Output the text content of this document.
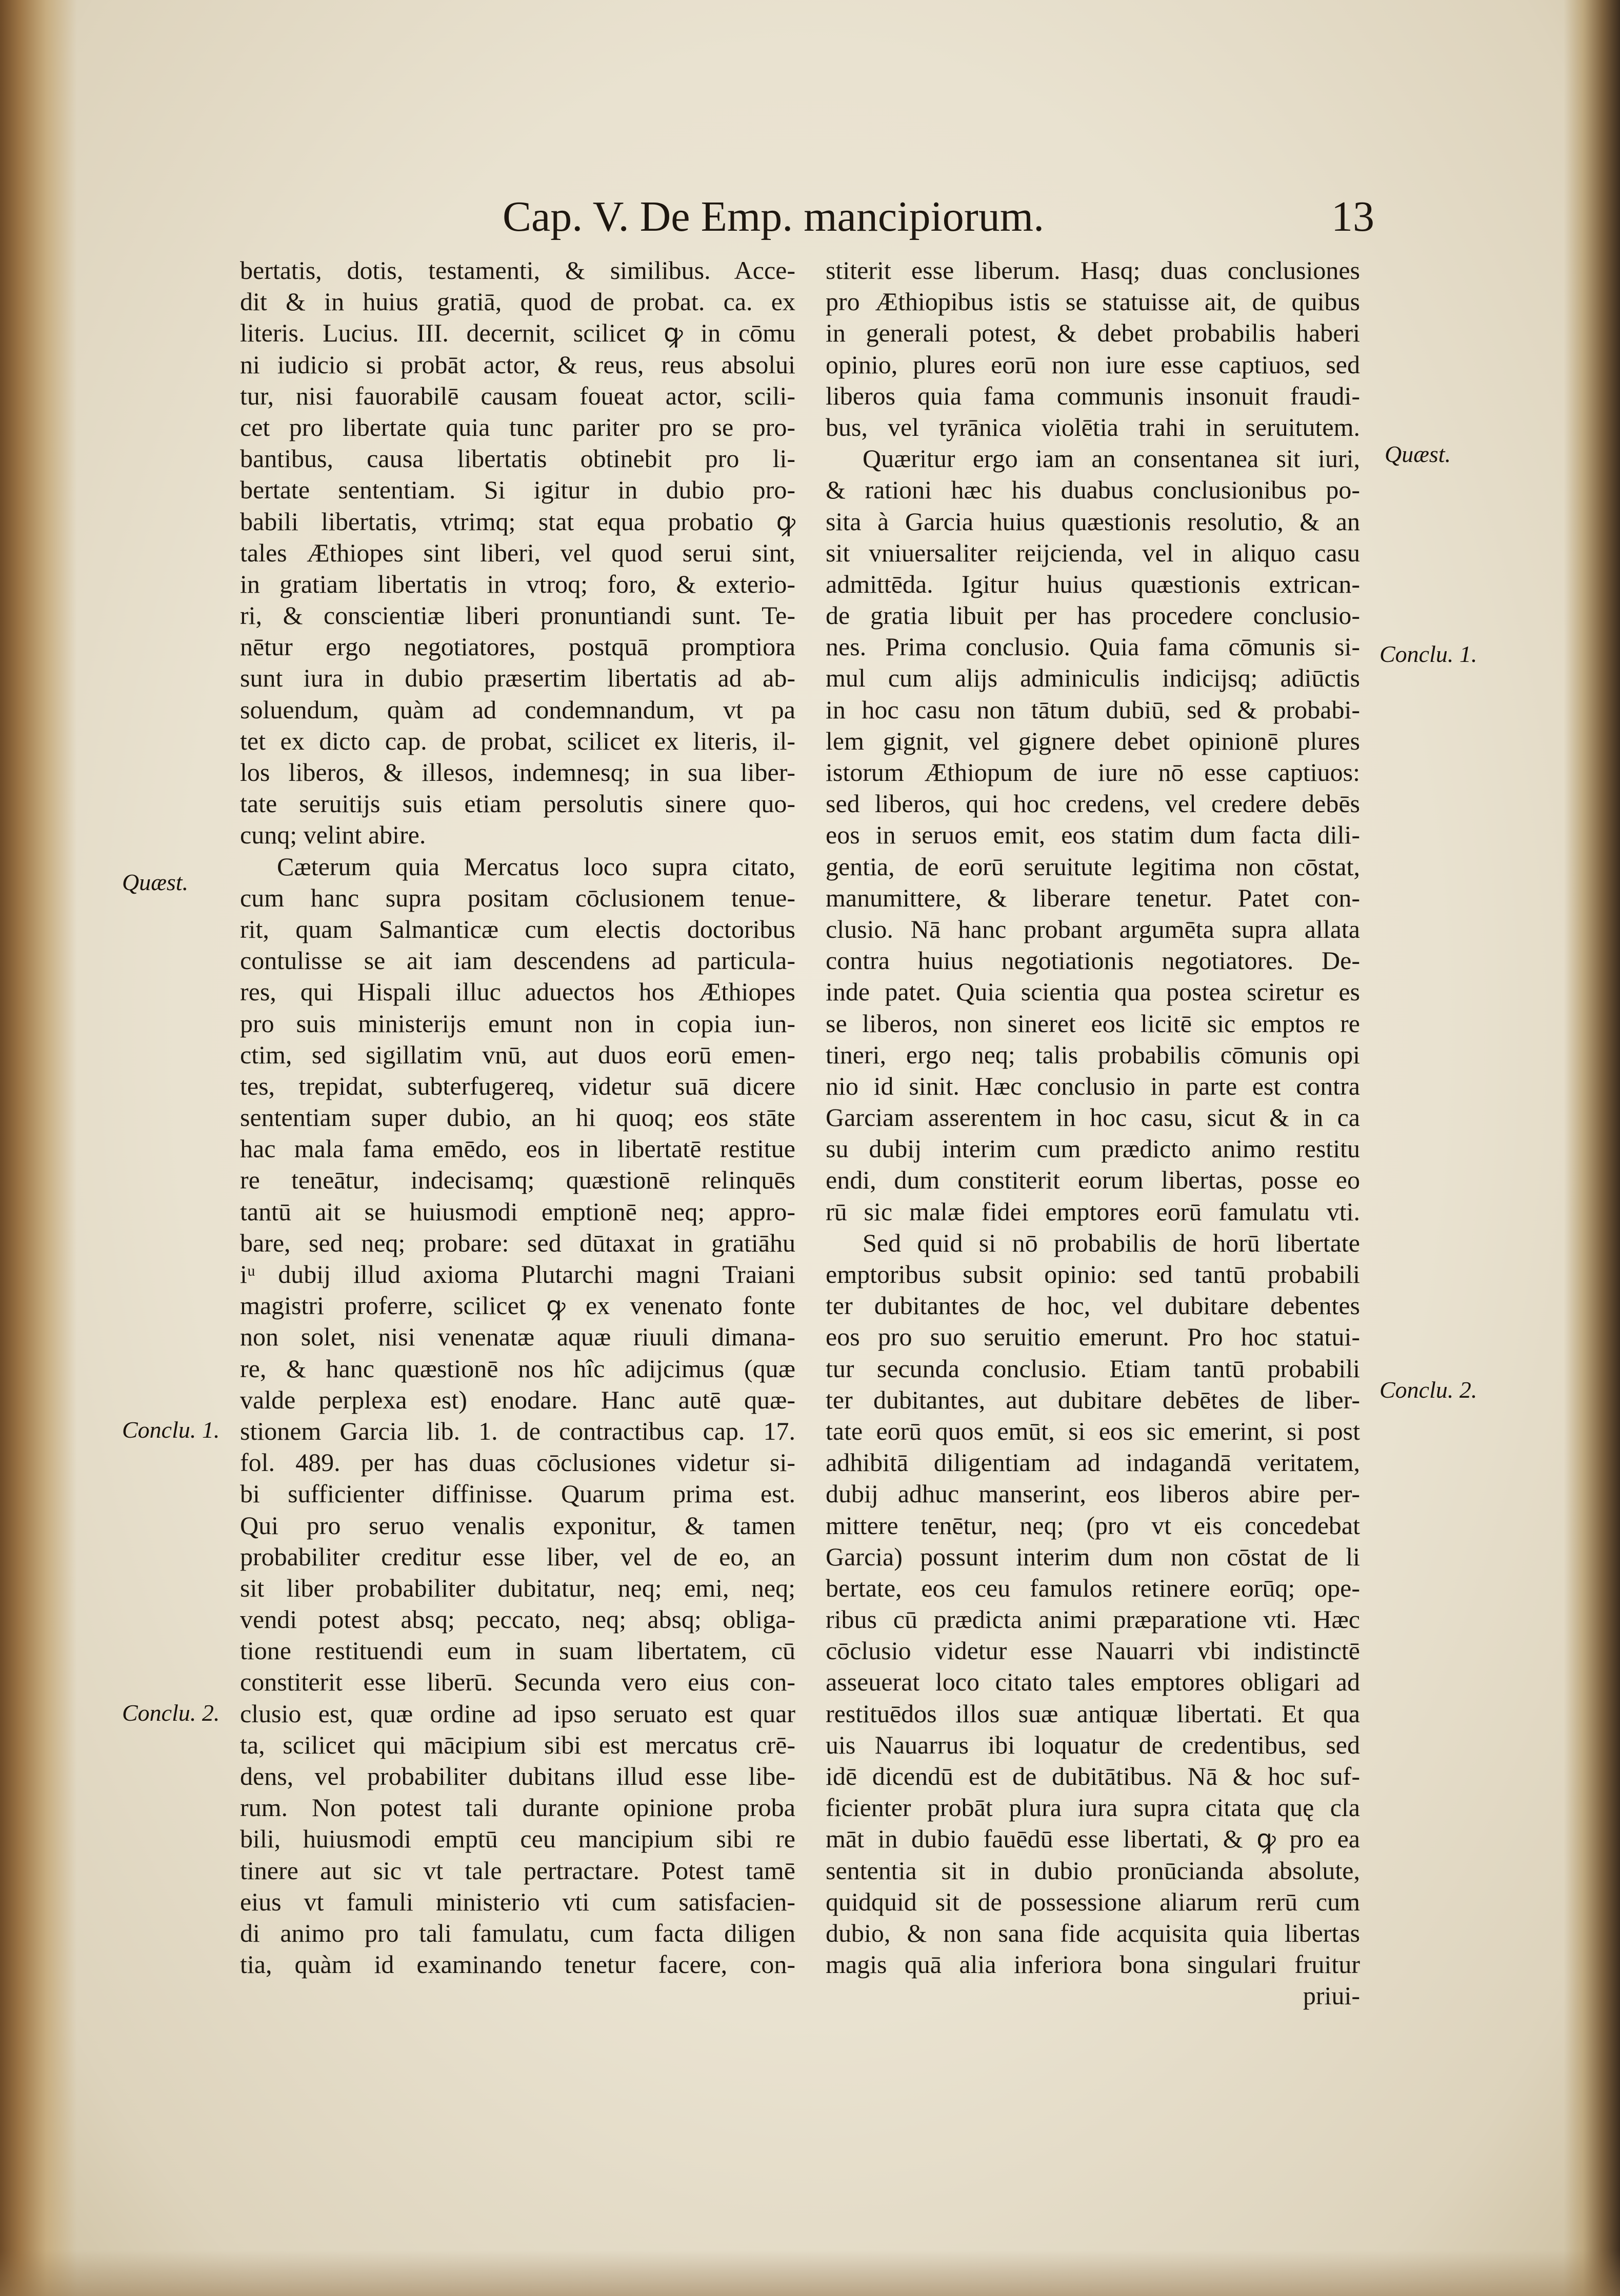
Cap. V. De Emp. mancipiorum.	13
bertatis, dotis, testamenti, & similibus. Acce-
dit & in huius gratiā, quod de probat. ca. ex
literis. Lucius. III. decernit, scilicet ꝙ in cōmu
ni iudicio si probāt actor, & reus, reus absolui
tur, nisi fauorabilē causam foueat actor, scili-
cet pro libertate quia tunc pariter pro se pro-
bantibus, causa libertatis obtinebit pro li-
bertate sententiam. Si igitur in dubio pro-
babili libertatis, vtrimq; stat equa probatio ꝙ
tales Æthiopes sint liberi, vel quod serui sint,
in gratiam libertatis in vtroq; foro, & exterio-
ri, & conscientiæ liberi pronuntiandi sunt. Te-
nētur ergo negotiatores, postquā promptiora
sunt iura in dubio præsertim libertatis ad ab-
soluendum, quàm ad condemnandum, vt pa
tet ex dicto cap. de probat, scilicet ex literis, il-
los liberos, & illesos, indemnesq; in sua liber-
tate seruitijs suis etiam persolutis sinere quo-
cunq; velint abire.
Cæterum quia Mercatus loco supra citato,
cum hanc supra positam cōclusionem tenue-
rit, quam Salmanticæ cum electis doctoribus
contulisse se ait iam descendens ad particula-
res, qui Hispali illuc aduectos hos Æthiopes
pro suis ministerijs emunt non in copia iun-
ctim, sed sigillatim vnū, aut duos eorū emen-
tes, trepidat, subterfugereq, videtur suā dicere
sententiam super dubio, an hi quoq; eos stāte
hac mala fama emēdo, eos in libertatē restitue
re teneātur, indecisamq; quæstionē relinquēs
tantū ait se huiusmodi emptionē neq; appro-
bare, sed neq; probare: sed dūtaxat in gratiāhu
iᵘ dubij illud axioma Plutarchi magni Traiani
magistri proferre, scilicet ꝙ ex venenato fonte
non solet, nisi venenatæ aquæ riuuli dimana-
re, & hanc quæstionē nos hîc adijcimus (quæ
valde perplexa est) enodare. Hanc autē quæ-
stionem Garcia lib. 1. de contractibus cap. 17.
fol. 489. per has duas cōclusiones videtur si-
bi sufficienter diffinisse. Quarum prima est.
Qui pro seruo venalis exponitur, & tamen
probabiliter creditur esse liber, vel de eo, an
sit liber probabiliter dubitatur, neq; emi, neq;
vendi potest absq; peccato, neq; absq; obliga-
tione restituendi eum in suam libertatem, cū
constiterit esse liberū. Secunda vero eius con-
clusio est, quæ ordine ad ipso seruato est quar
ta, scilicet qui mācipium sibi est mercatus crē-
dens, vel probabiliter dubitans illud esse libe-
rum. Non potest tali durante opinione proba
bili, huiusmodi emptū ceu mancipium sibi re
tinere aut sic vt tale pertractare. Potest tamē
eius vt famuli ministerio vti cum satisfacien-
di animo pro tali famulatu, cum facta diligen
tia, quàm id examinando tenetur facere, con-
stiterit esse liberum. Hasq; duas conclusiones
pro Æthiopibus istis se statuisse ait, de quibus
in generali potest, & debet probabilis haberi
opinio, plures eorū non iure esse captiuos, sed
liberos quia fama communis insonuit fraudi-
bus, vel tyrānica violētia trahi in seruitutem.
Quæritur ergo iam an consentanea sit iuri,
& rationi hæc his duabus conclusionibus po-
sita à Garcia huius quæstionis resolutio, & an
sit vniuersaliter reijcienda, vel in aliquo casu
admittēda. Igitur huius quæstionis extrican-
de gratia libuit per has procedere conclusio-
nes. Prima conclusio. Quia fama cōmunis si-
mul cum alijs adminiculis indicijsq; adiūctis
in hoc casu non tātum dubiū, sed & probabi-
lem gignit, vel gignere debet opinionē plures
istorum Æthiopum de iure nō esse captiuos:
sed liberos, qui hoc credens, vel credere debēs
eos in seruos emit, eos statim dum facta dili-
gentia, de eorū seruitute legitima non cōstat,
manumittere, & liberare tenetur. Patet con-
clusio. Nā hanc probant argumēta supra allata
contra huius negotiationis negotiatores. De-
inde patet. Quia scientia qua postea sciretur es
se liberos, non sineret eos licitē sic emptos re
tineri, ergo neq; talis probabilis cōmunis opi
nio id sinit. Hæc conclusio in parte est contra
Garciam asserentem in hoc casu, sicut & in ca
su dubij interim cum prædicto animo restitu
endi, dum constiterit eorum libertas, posse eo
rū sic malæ fidei emptores eorū famulatu vti.
Sed quid si nō probabilis de horū libertate
emptoribus subsit opinio: sed tantū probabili
ter dubitantes de hoc, vel dubitare debentes
eos pro suo seruitio emerunt. Pro hoc statui-
tur secunda conclusio. Etiam tantū probabili
ter dubitantes, aut dubitare debētes de liber-
tate eorū quos emūt, si eos sic emerint, si post
adhibitā diligentiam ad indagandā veritatem,
dubij adhuc manserint, eos liberos abire per-
mittere tenētur, neq; (pro vt eis concedebat
Garcia) possunt interim dum non cōstat de li
bertate, eos ceu famulos retinere eorūq; ope-
ribus cū prædicta animi præparatione vti. Hæc
cōclusio videtur esse Nauarri vbi indistinctē
asseuerat loco citato tales emptores obligari ad
restituēdos illos suæ antiquæ libertati. Et qua
uis Nauarrus ibi loquatur de credentibus, sed
idē dicendū est de dubitātibus. Nā & hoc suf-
ficienter probāt plura iura supra citata quę cla
māt in dubio fauēdū esse libertati, & ꝙ pro ea
sententia sit in dubio pronūcianda absolute,
quidquid sit de possessione aliarum rerū cum
dubio, & non sana fide acquisita quia libertas
magis quā alia inferiora bona singulari fruitur
priui-
Quæst.
Conclu. 1.
Quæst.
Conclu. 2.
Conclu. 1.
Conclu. 2.
